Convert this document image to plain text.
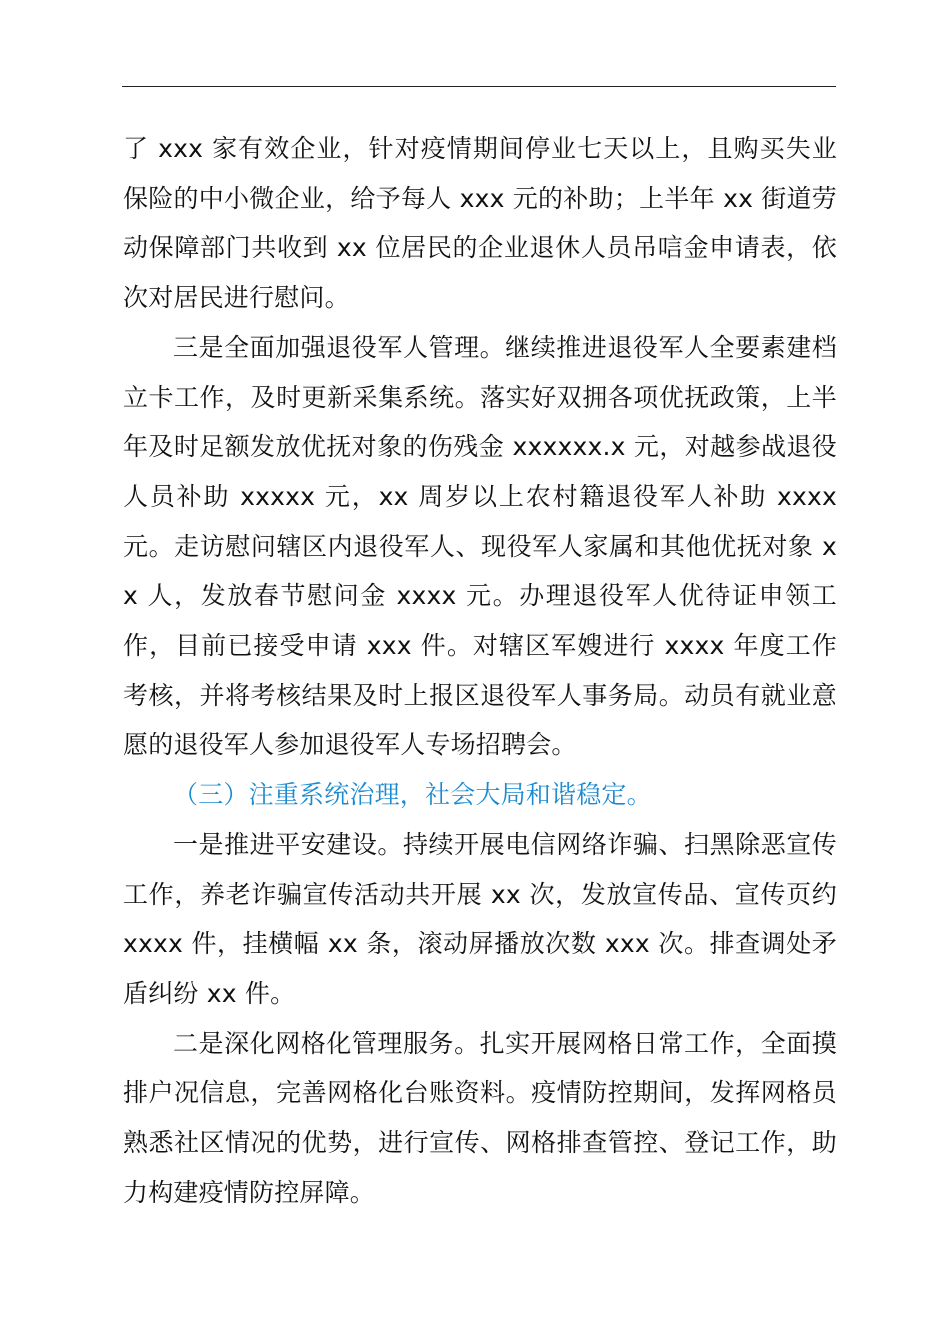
了 xxx 家有效企业，针对疫情期间停业七天以上，且购买失业保险的中小微企业，给予每人 xxx 元的补助；上半年 xx 街道劳动保障部门共收到 xx 位居民的企业退休人员吊唁金申请表，依次对居民进行慰问。

三是全面加强退役军人管理。继续推进退役军人全要素建档立卡工作，及时更新采集系统。落实好双拥各项优抚政策，上半年及时足额发放优抚对象的伤残金 xxxxxx.x 元，对越参战退役人员补助 xxxxx 元，xx 周岁以上农村籍退役军人补助 xxxx 元。走访慰问辖区内退役军人、现役军人家属和其他优抚对象 xx 人，发放春节慰问金 xxxx 元。办理退役军人优待证申领工作，目前已接受申请 xxx 件。对辖区军嫂进行 xxxx 年度工作考核，并将考核结果及时上报区退役军人事务局。动员有就业意愿的退役军人参加退役军人专场招聘会。

（三）注重系统治理，社会大局和谐稳定。

一是推进平安建设。持续开展电信网络诈骗、扫黑除恶宣传工作，养老诈骗宣传活动共开展 xx 次，发放宣传品、宣传页约 xxxx 件，挂横幅 xx 条，滚动屏播放次数 xxx 次。排查调处矛盾纠纷 xx 件。

二是深化网格化管理服务。扎实开展网格日常工作，全面摸排户况信息，完善网格化台账资料。疫情防控期间，发挥网格员熟悉社区情况的优势，进行宣传、网格排查管控、登记工作，助力构建疫情防控屏障。
